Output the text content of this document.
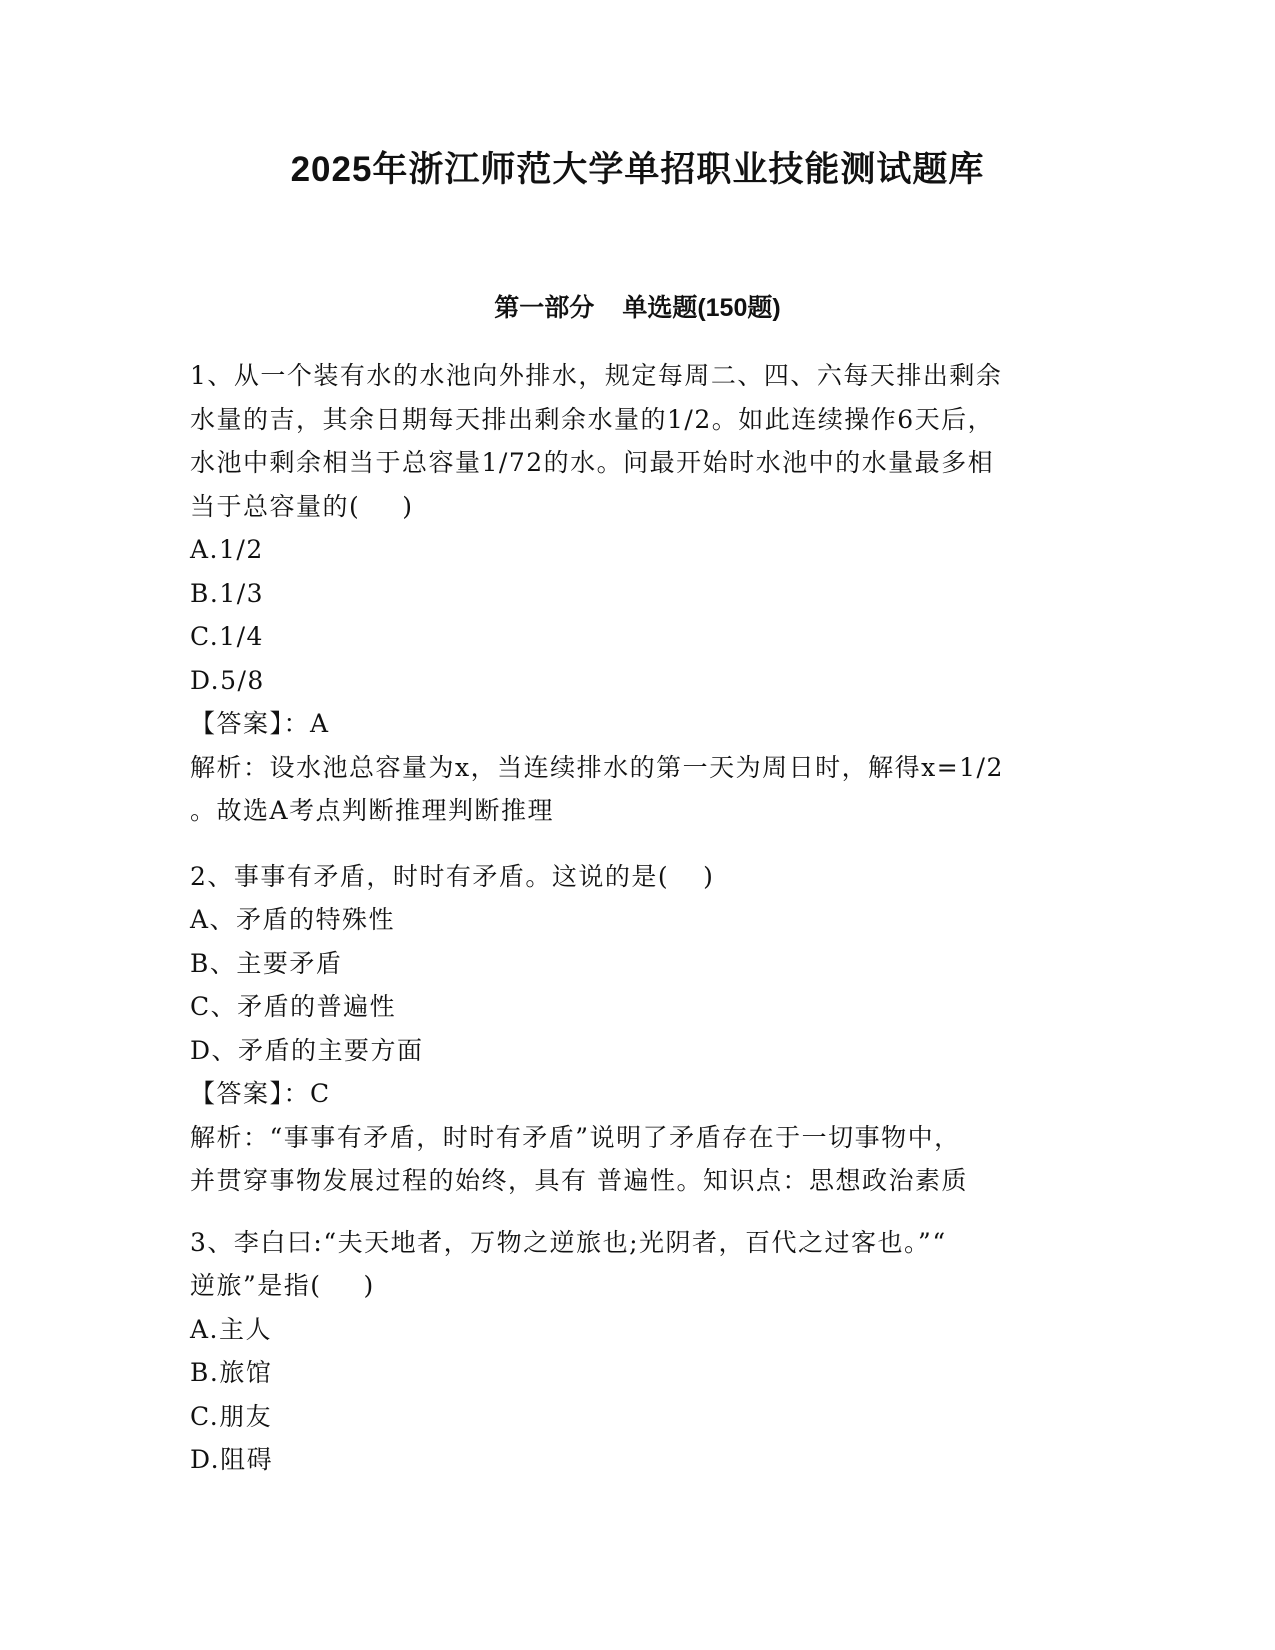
2025年浙江师范大学单招职业技能测试题库
第一部分 单选题(150题)
1、从一个装有水的水池向外排水，规定每周二、四、六每天排出剩余
水量的吉，其余日期每天排出剩余水量的1/2。如此连续操作6天后，
水池中剩余相当于总容量1/72的水。问最开始时水池中的水量最多相
当于总容量的( )
A.1/2
B.1/3
C.1/4
D.5/8
【答案】：A
解析：设水池总容量为x，当连续排水的第一天为周日时，解得x=1/2
。故选A考点判断推理判断推理
2、事事有矛盾，时时有矛盾。这说的是( )
A、矛盾的特殊性
B、主要矛盾
C、矛盾的普遍性
D、矛盾的主要方面
【答案】：C
解析：“事事有矛盾，时时有矛盾”说明了矛盾存在于一切事物中，
并贯穿事物发展过程的始终，具有 普遍性。知识点：思想政治素质
3、李白曰:“夫天地者，万物之逆旅也;光阴者，百代之过客也。”“
逆旅”是指( )
A.主人
B.旅馆
C.朋友
D.阻碍
